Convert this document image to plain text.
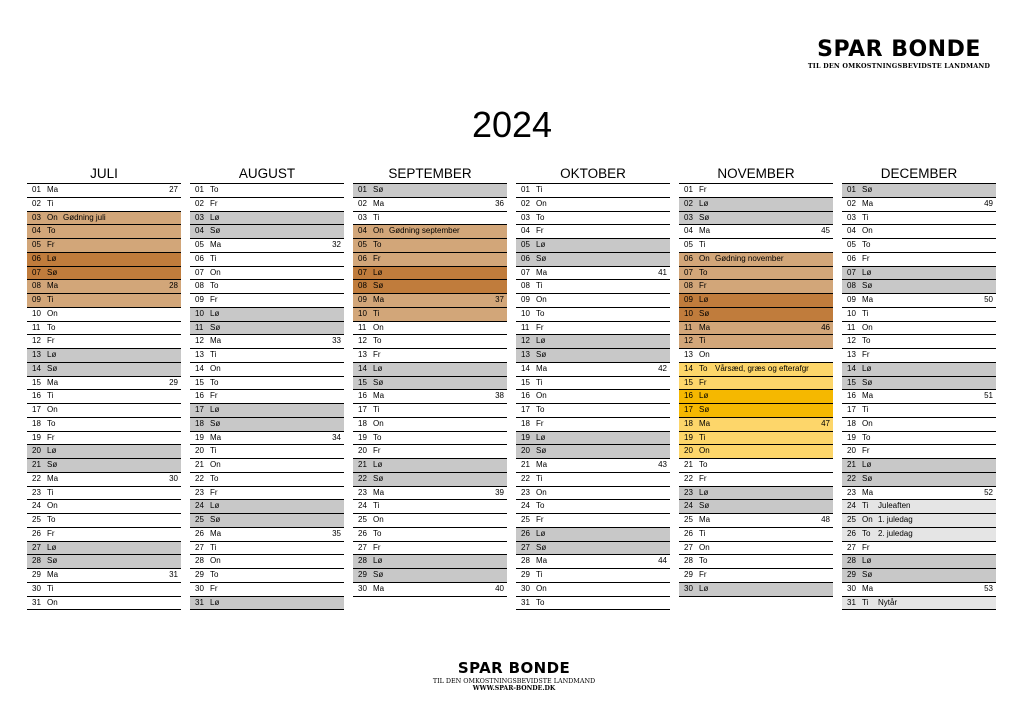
SPAR BONDE
TIL DEN OMKOSTNINGSBEVIDSTE LANDMAND
2024
JULI
01 Ma	27
02 Ti
03 On Gødning juli
04 To
05 Fr
06 Lø
07 Sø
08 Ma	28
09 Ti
10 On
11 To
12 Fr
13 Lø
14 Sø
15 Ma	29
16 Ti
17 On
18 To
19 Fr
20 Lø
21 Sø
22 Ma	30
23 Ti
24 On
25 To
26 Fr
27 Lø
28 Sø
29 Ma	31
30 Ti
31 On
AUGUST
01 To
02 Fr
03 Lø
04 Sø
05 Ma	32
06 Ti
07 On
08 To
09 Fr
10 Lø
11 Sø
12 Ma	33
13 Ti
14 On
15 To
16 Fr
17 Lø
18 Sø
19 Ma	34
20 Ti
21 On
22 To
23 Fr
24 Lø
25 Sø
26 Ma	35
27 Ti
28 On
29 To
30 Fr
31 Lø
SEPTEMBER
01 Sø
02 Ma	36
03 Ti
04 On Gødning september
05 To
06 Fr
07 Lø
08 Sø
09 Ma	37
10 Ti
11 On
12 To
13 Fr
14 Lø
15 Sø
16 Ma	38
17 Ti
18 On
19 To
20 Fr
21 Lø
22 Sø
23 Ma	39
24 Ti
25 On
26 To
27 Fr
28 Lø
29 Sø
30 Ma	40
OKTOBER
01 Ti
02 On
03 To
04 Fr
05 Lø
06 Sø
07 Ma	41
08 Ti
09 On
10 To
11 Fr
12 Lø
13 Sø
14 Ma	42
15 Ti
16 On
17 To
18 Fr
19 Lø
20 Sø
21 Ma	43
22 Ti
23 On
24 To
25 Fr
26 Lø
27 Sø
28 Ma	44
29 Ti
30 On
31 To
NOVEMBER
01 Fr
02 Lø
03 Sø
04 Ma	45
05 Ti
06 On Gødning november
07 To
08 Fr
09 Lø
10 Sø
11 Ma	46
12 Ti
13 On
14 To Vårsæd, græs og efterafgr
15 Fr
16 Lø
17 Sø
18 Ma	47
19 Ti
20 On
21 To
22 Fr
23 Lø
24 Sø
25 Ma	48
26 Ti
27 On
28 To
29 Fr
30 Lø
DECEMBER
01 Sø
02 Ma	49
03 Ti
04 On
05 To
06 Fr
07 Lø
08 Sø
09 Ma	50
10 Ti
11 On
12 To
13 Fr
14 Lø
15 Sø
16 Ma	51
17 Ti
18 On
19 To
20 Fr
21 Lø
22 Sø
23 Ma	52
24 Ti Juleaften
25 On 1. juledag
26 To 2. juledag
27 Fr
28 Lø
29 Sø
30 Ma	53
31 Ti Nytår
SPAR BONDE
TIL DEN OMKOSTNINGSBEVIDSTE LANDMAND
WWW.SPAR-BONDE.DK
